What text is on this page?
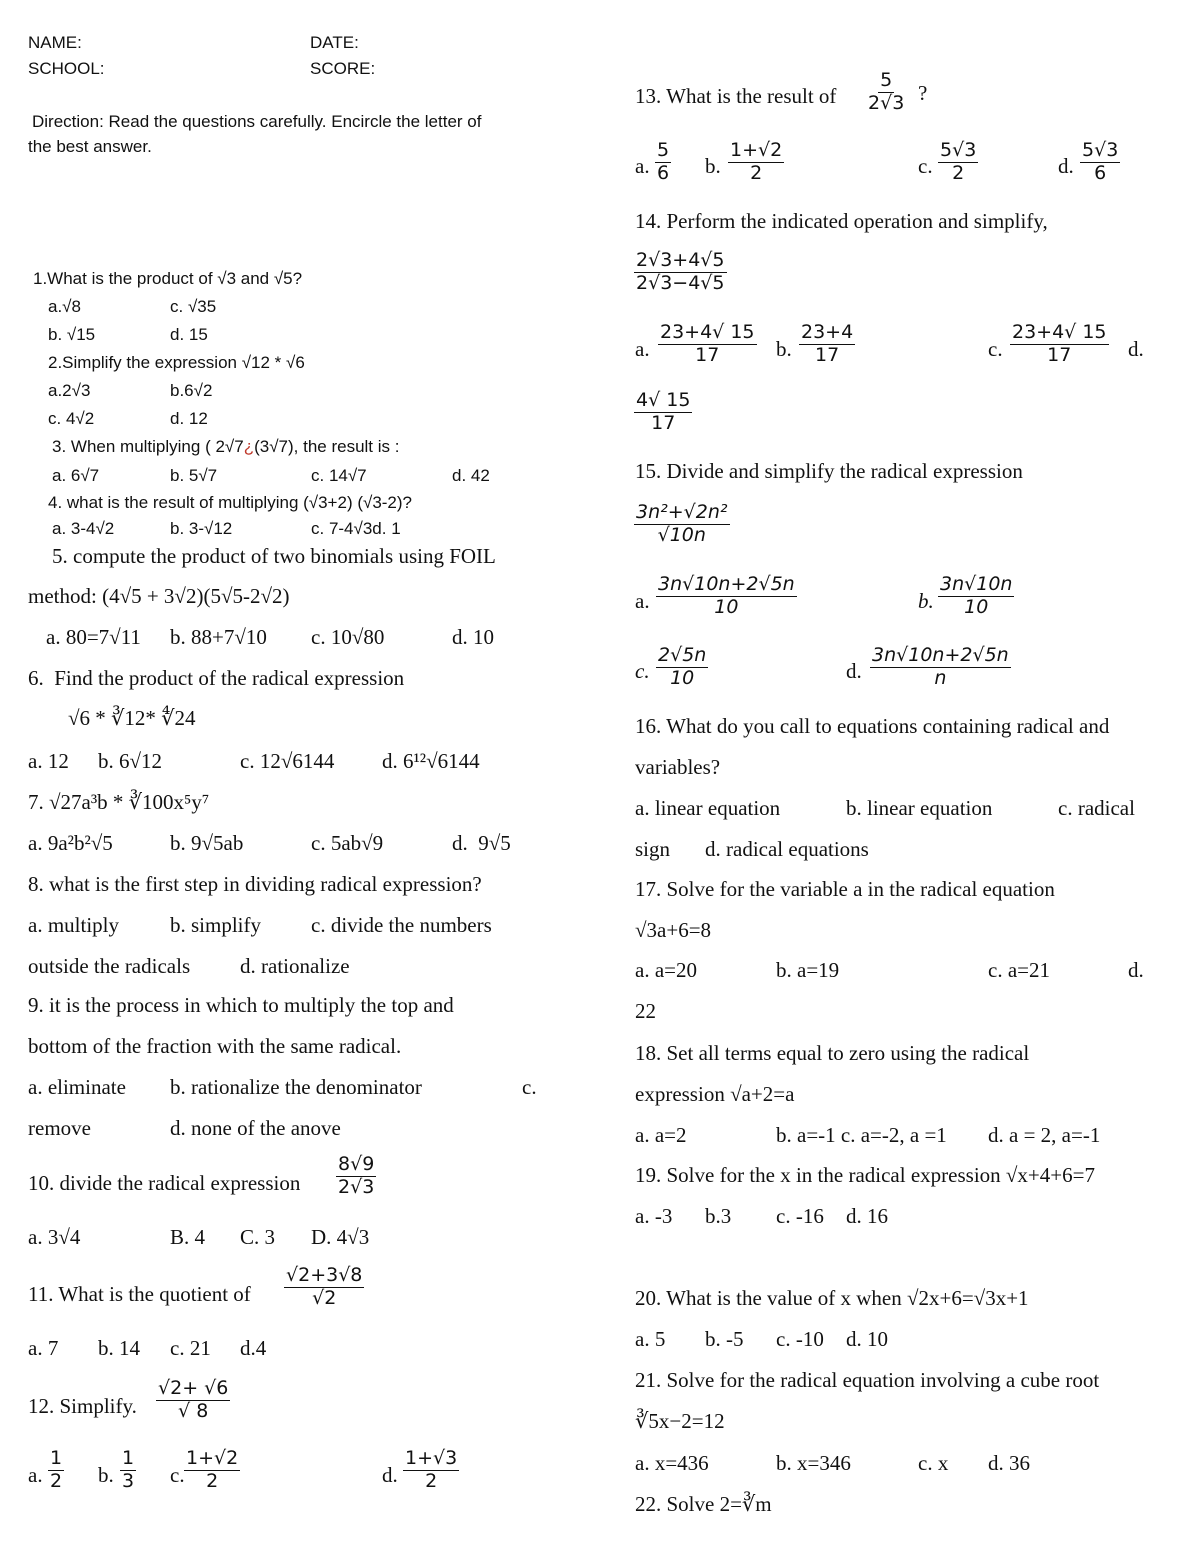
NAME:	DATE:
SCHOOL:	SCORE:
Direction: Read the questions carefully. Encircle the letter of
the best answer.
1.What is the product of √3 and √5?
a.√8	c. √35
b. √15	d. 15
2.Simplify the expression √12 * √6
a.2√3	b.6√2
c. 4√2	d. 12
3. When multiplying ( 2√7¿(3√7), the result is :
a. 6√7	b. 5√7	c. 14√7	d. 42
4. what is the result of multiplying (√3+2) (√3-2)?
a. 3-4√2	b. 3-√12	c. 7-4√3d. 1
5. compute the product of two binomials using FOIL
method: (4√5 + 3√2)(5√5-2√2)
a. 80=7√11 b. 88+7√10 c. 10√80	d. 10
6.  Find the product of the radical expression
√6 * ∛12* ∜24
a. 12 b. 6√12	c. 12√6144 d. 6¹²√6144
7. √27a³b * ∛100x⁵y⁷
a. 9a²b²√5	b. 9√5ab	c. 5ab√9	d.  9√5
8. what is the first step in dividing radical expression?
a. multiply b. simplify c. divide the numbers
outside the radicals d. rationalize
9. it is the process in which to multiply the top and
bottom of the fraction with the same radical.
a. eliminate b. rationalize the denominator	c.
remove	d. none of the anove
10. divide the radical expression $\frac{8√9}{2√3}$
a. 3√4	B. 4 C. 3 D. 4√3
11. What is the quotient of $\frac{√2+3√8}{√2}$
a. 7 b. 14 c. 21 d.4
12. Simplify. $\frac{√2+ √6}{√ 8}$
a. $\frac{1}{2} b$. $\frac{1}{3} c$. $\frac{1+√2}{2}$	d. $\frac{1+√3}{2}$
13. What is the result of $\frac{5}{2√3}$ ?
a. $\frac{5}{6} b$. $\frac{1+√2}{2}$	c. $\frac{5√3}{2}$	d. $\frac{5√3}{6}$
14. Perform the indicated operation and simplify,
$\frac{2√3+4√5}{2√3-4√5}$
a. $\frac{23+4√ 15}{17} b$. $\frac{23+4}{17}$	c. $\frac{23+4√ 15}{17} d$.
$\frac{4√ 15}{17}$
15. Divide and simplify the radical expression
$\frac{\text{3n²+√2n²}}{√10n}$
a. $\frac{3n√10n+2√5n}{10}$	b. $\frac{3n√10n}{10}$
c. $\frac{2√5n}{10}$	d. $\frac{3n√10n+2√5n}{n}$
16. What do you call to equations containing radical and
variables?
a. linear equation	b. linear equation	c. radical
sign d. radical equations
17. Solve for the variable a in the radical equation
√3a+6=8
a. a=20	b. a=19	c. a=21	d.
22
18. Set all terms equal to zero using the radical
expression √a+2=a
a. a=2	b. a=-1 c. a=-2, a =1 d. a = 2, a=-1
19. Solve for the x in the radical expression √x+4+6=7
a. -3 b.3 c. -16 d. 16
20. What is the value of x when √2x+6=√3x+1
a. 5 b. -5 c. -10 d. 10
21. Solve for the radical equation involving a cube root
∛5x−2=12
a. x=436	b. x=346	c. x d. 36
22. Solve 2=∛m
